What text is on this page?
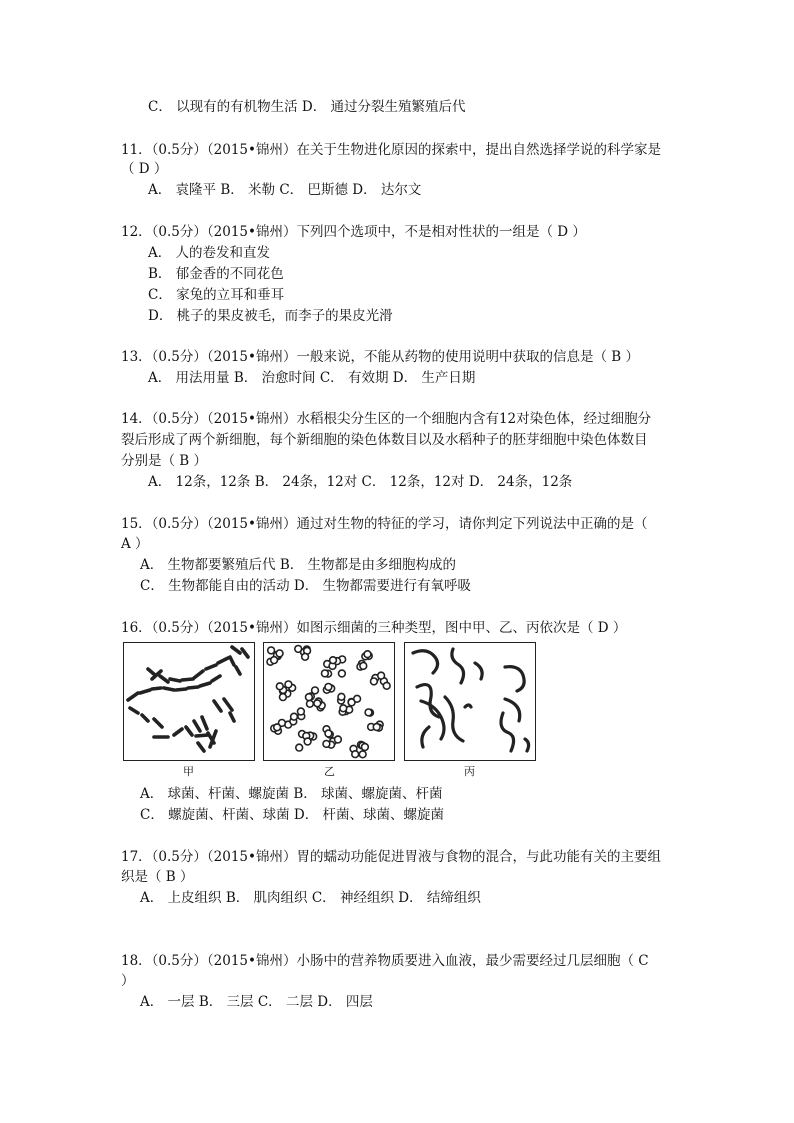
C． 以现有的有机物生活 D． 通过分裂生殖繁殖后代
11．（0.5分）（2015•锦州）在关于生物进化原因的探索中，提出自然选择学说的科学家是
（ D ）
A． 袁隆平 B． 米勒 C． 巴斯德 D． 达尔文
12．（0.5分）（2015•锦州）下列四个选项中，不是相对性状的一组是（ D ）
A． 人的卷发和直发
B． 郁金香的不同花色
C． 家兔的立耳和垂耳
D． 桃子的果皮被毛，而李子的果皮光滑
13．（0.5分）（2015•锦州）一般来说，不能从药物的使用说明中获取的信息是（ B ）
A． 用法用量 B． 治愈时间 C． 有效期 D． 生产日期
14．（0.5分）（2015•锦州）水稻根尖分生区的一个细胞内含有12对染色体，经过细胞分
裂后形成了两个新细胞，每个新细胞的染色体数目以及水稻种子的胚芽细胞中染色体数目
分别是（ B ）
A． 12条，12条 B． 24条，12对 C． 12条，12对 D． 24条，12条
15．（0.5分）（2015•锦州）通过对生物的特征的学习，请你判定下列说法中正确的是（
A ）
A． 生物都要繁殖后代 B． 生物都是由多细胞构成的
C． 生物都能自由的活动 D． 生物都需要进行有氧呼吸
16．（0.5分）（2015•锦州）如图示细菌的三种类型，图中甲、乙、丙依次是（ D ）
甲	乙	丙
A． 球菌、杆菌、螺旋菌 B． 球菌、螺旋菌、杆菌
C． 螺旋菌、杆菌、球菌 D． 杆菌、球菌、螺旋菌
17．（0.5分）（2015•锦州）胃的蠕动功能促进胃液与食物的混合，与此功能有关的主要组
织是（ B ）
A． 上皮组织 B． 肌肉组织 C． 神经组织 D． 结缔组织
18．（0.5分）（2015•锦州）小肠中的营养物质要进入血液，最少需要经过几层细胞（ C
）
A． 一层 B． 三层 C． 二层 D． 四层
